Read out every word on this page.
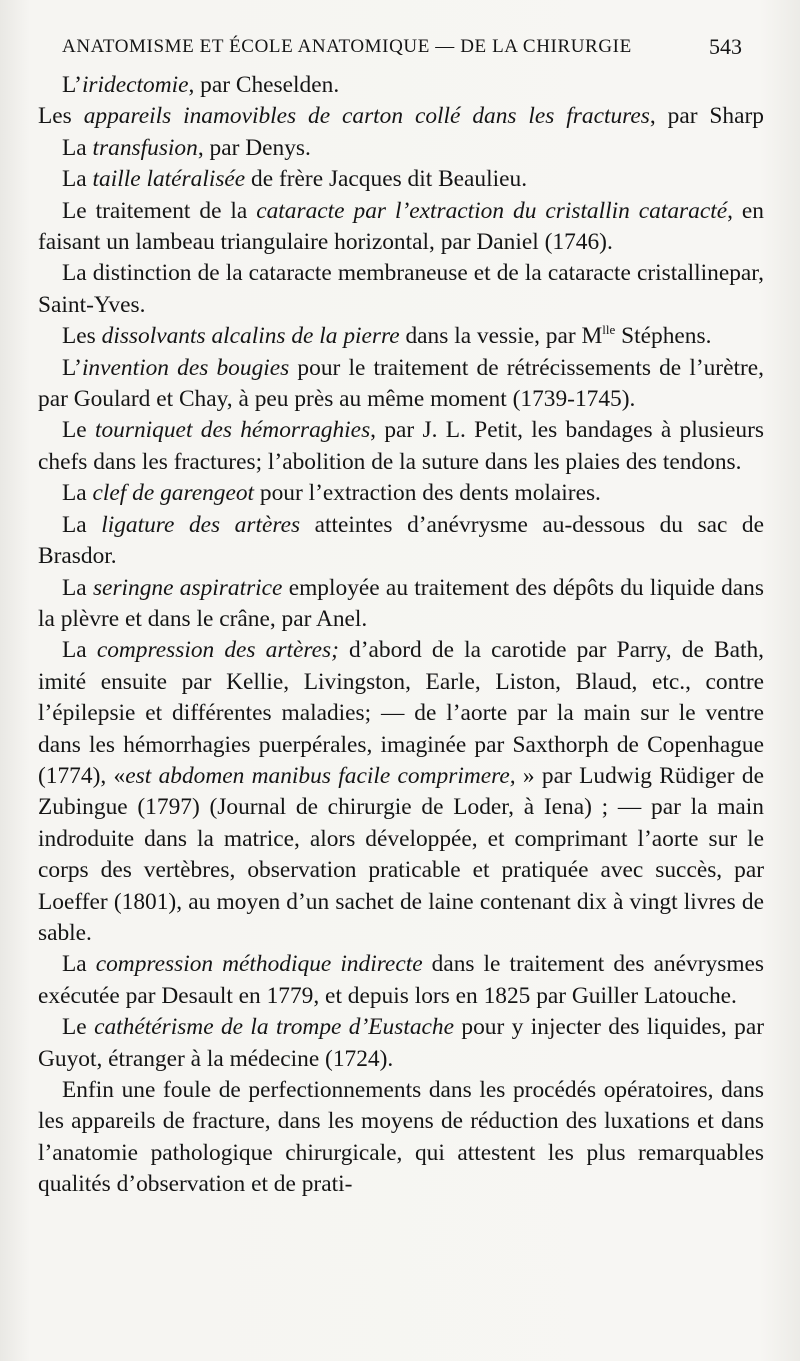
ANATOMISME ET ÉCOLE ANATOMIQUE — DE LA CHIRURGIE	543

L’iridectomie, par Cheselden.

Les appareils inamovibles de carton collé dans les fractures, par Sharp

La transfusion, par Denys.

La taille latéralisée de frère Jacques dit Beaulieu.

Le traitement de la cataracte par l’extraction du cristallin cataracté, en faisant un lambeau triangulaire horizontal, par Daniel (1746).

La distinction de la cataracte membraneuse et de la cataracte cristallinepar, Saint-Yves.

Les dissolvants alcalins de la pierre dans la vessie, par $M^{lle}$ Stéphens.

L’invention des bougies pour le traitement de rétrécissements de l’urètre, par Goulard et Chay, à peu près au même moment (1739-1745).

Le tourniquet des hémorraghies, par J. L. Petit, les bandages à plusieurs chefs dans les fractures; l’abolition de la suture dans les plaies des tendons.

La clef de garengeot pour l’extraction des dents molaires.

La ligature des artères atteintes d’anévrysme au-dessous du sac de Brasdor.

La seringne aspiratrice employée au traitement des dépôts du liquide dans la plèvre et dans le crâne, par Anel.

La compression des artères; d’abord de la carotide par Parry, de Bath, imité ensuite par Kellie, Livingston, Earle, Liston, Blaud, etc., contre l’épilepsie et différentes maladies; — de l’aorte par la main sur le ventre dans les hémorrhagies puerpérales, imaginée par Saxthorph de Copenhague (1774), «est abdomen manibus facile comprimere, » par Ludwig Rüdiger de Zubingue (1797) (Journal de chirurgie de Loder, à Iena) ; — par la main indroduite dans la matrice, alors développée, et comprimant l’aorte sur le corps des vertèbres, observation praticable et pratiquée avec succès, par Loeffer (1801), au moyen d’un sachet de laine contenant dix à vingt livres de sable.

La compression méthodique indirecte dans le traitement des anévrysmes exécutée par Desault en 1779, et depuis lors en 1825 par Guiller Latouche.

Le cathétérisme de la trompe d’Eustache pour y injecter des liquides, par Guyot, étranger à la médecine (1724).

Enfin une foule de perfectionnements dans les procédés opératoires, dans les appareils de fracture, dans les moyens de réduction des luxations et dans l’anatomie pathologique chirurgicale, qui attestent les plus remarquables qualités d’observation et de prati-
